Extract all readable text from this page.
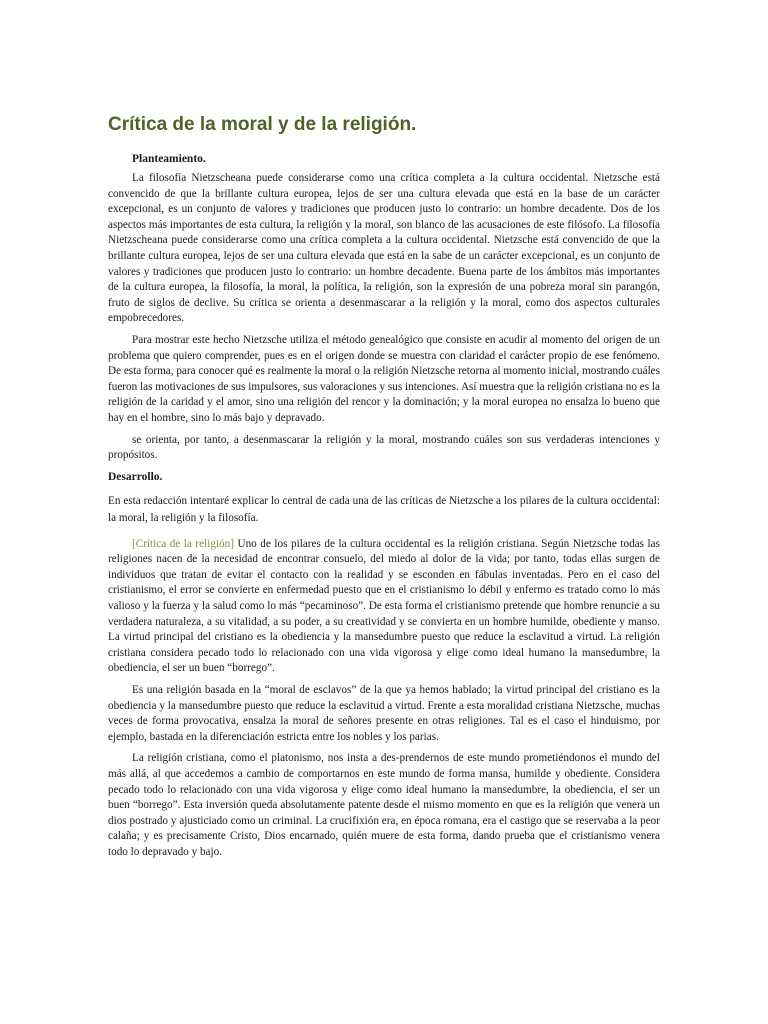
Crítica de la moral y de la religión.
Planteamiento.

La filosofía Nietzscheana puede considerarse como una crítica completa a la cultura occidental. Nietzsche está convencido de que la brillante cultura europea, lejos de ser una cultura elevada que está en la base de un carácter excepcional, es un conjunto de valores y tradiciones que producen justo lo contrario: un hombre decadente. Dos de los aspectos más importantes de esta cultura, la religión y la moral, son blanco de las acusaciones de este filósofo. La filosofía Nietzscheana puede considerarse como una crítica completa a la cultura occidental. Nietzsche está convencido de que la brillante cultura europea, lejos de ser una cultura elevada que está en la sabe de un carácter excepcional, es un conjunto de valores y tradiciones que producen justo lo contrario: un hombre decadente. Buena parte de los ámbitos más importantes de la cultura europea, la filosofía, la moral, la política, la religión, son la expresión de una pobreza moral sin parangón, fruto de siglos de declive. Su crítica se orienta a desenmascarar a la religión y la moral, como dos aspectos culturales empobrecedores.

Para mostrar este hecho Nietzsche utiliza el método genealógico que consiste en acudir al momento del origen de un problema que quiero comprender, pues es en el origen donde se muestra con claridad el carácter propio de ese fenómeno. De esta forma, para conocer qué es realmente la moral o la religión Nietzsche retorna al momento inicial, mostrando cuáles fueron las motivaciones de sus impulsores, sus valoraciones y sus intenciones. Así muestra que la religión cristiana no es la religión de la caridad y el amor, sino una religión del rencor y la dominación; y la moral europea no ensalza lo bueno que hay en el hombre, sino lo más bajo y depravado.

se orienta, por tanto, a desenmascarar la religión y la moral, mostrando cuáles son sus verdaderas intenciones y propósitos.

Desarrollo.

En esta redacción intentaré explicar lo central de cada una de las críticas de Nietzsche a los pilares de la cultura occidental: la moral, la religión y la filosofía.

[Crítica de la religión] Uno de los pilares de la cultura occidental es la religión cristiana. Según Nietzsche todas las religiones nacen de la necesidad de encontrar consuelo, del miedo al dolor de la vida; por tanto, todas ellas surgen de individuos que tratan de evitar el contacto con la realidad y se esconden en fábulas inventadas. Pero en el caso del cristianismo, el error se convierte en enfermedad puesto que en el cristianismo lo débil y enfermo es tratado como lo más valioso y la fuerza y la salud como lo más “pecaminoso”. De esta forma el cristianismo pretende que hombre renuncie a su verdadera naturaleza, a su vitalidad, a su poder, a su creatividad y se convierta en un hombre humilde, obediente y manso. La virtud principal del cristiano es la obediencia y la mansedumbre puesto que reduce la esclavitud a virtud. La religión cristiana considera pecado todo lo relacionado con una vida vigorosa y elige como ideal humano la mansedumbre, la obediencia, el ser un buen “borrego”.

Es una religión basada en la “moral de esclavos” de la que ya hemos hablado; la virtud principal del cristiano es la obediencia y la mansedumbre puesto que reduce la esclavitud a virtud. Frente a esta moralidad cristiana Nietzsche, muchas veces de forma provocativa, ensalza la moral de señores presente en otras religiones. Tal es el caso el hinduismo, por ejemplo, bastada en la diferenciación estricta entre los nobles y los parias.

La religión cristiana, como el platonismo, nos insta a des-prendernos de este mundo prometiéndonos el mundo del más allá, al que accedemos a cambio de comportarnos en este mundo de forma mansa, humilde y obediente. Considera pecado todo lo relacionado con una vida vigorosa y elige como ideal humano la mansedumbre, la obediencia, el ser un buen “borrego”. Esta inversión queda absolutamente patente desde el mismo momento en que es la religión que venera un dios postrado y ajusticiado como un criminal. La crucifixión era, en época romana, era el castigo que se reservaba a la peor calaña; y es precisamente Cristo, Dios encarnado, quién muere de esta forma, dando prueba que el cristianismo venera todo lo depravado y bajo.
